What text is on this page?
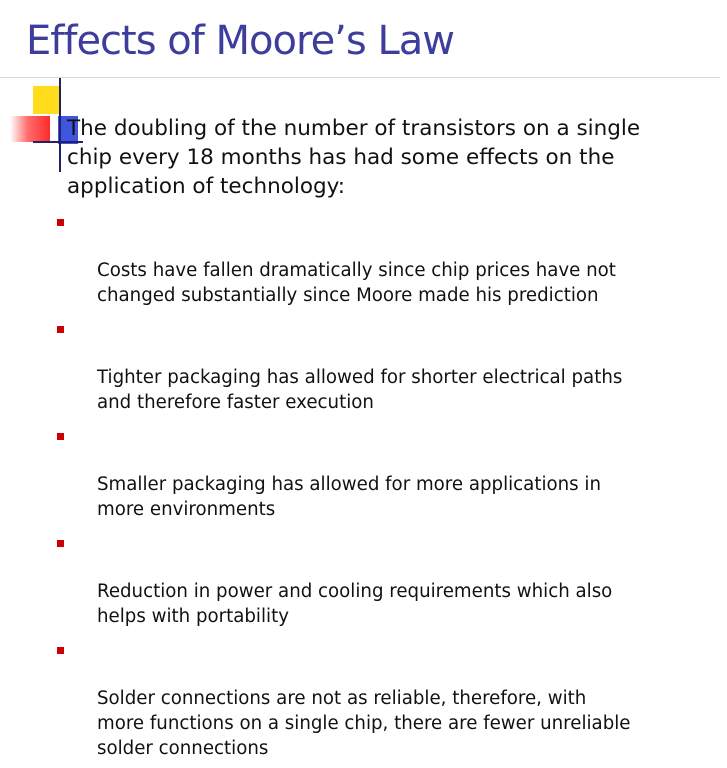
Effects of Moore’s Law

The doubling of the number of transistors on a single
chip every 18 months has had some effects on the
application of technology:

Costs have fallen dramatically since chip prices have not
changed substantially since Moore made his prediction

Tighter packaging has allowed for shorter electrical paths
and therefore faster execution

Smaller packaging has allowed for more applications in
more environments

Reduction in power and cooling requirements which also
helps with portability

Solder connections are not as reliable, therefore, with
more functions on a single chip, there are fewer unreliable
solder connections
